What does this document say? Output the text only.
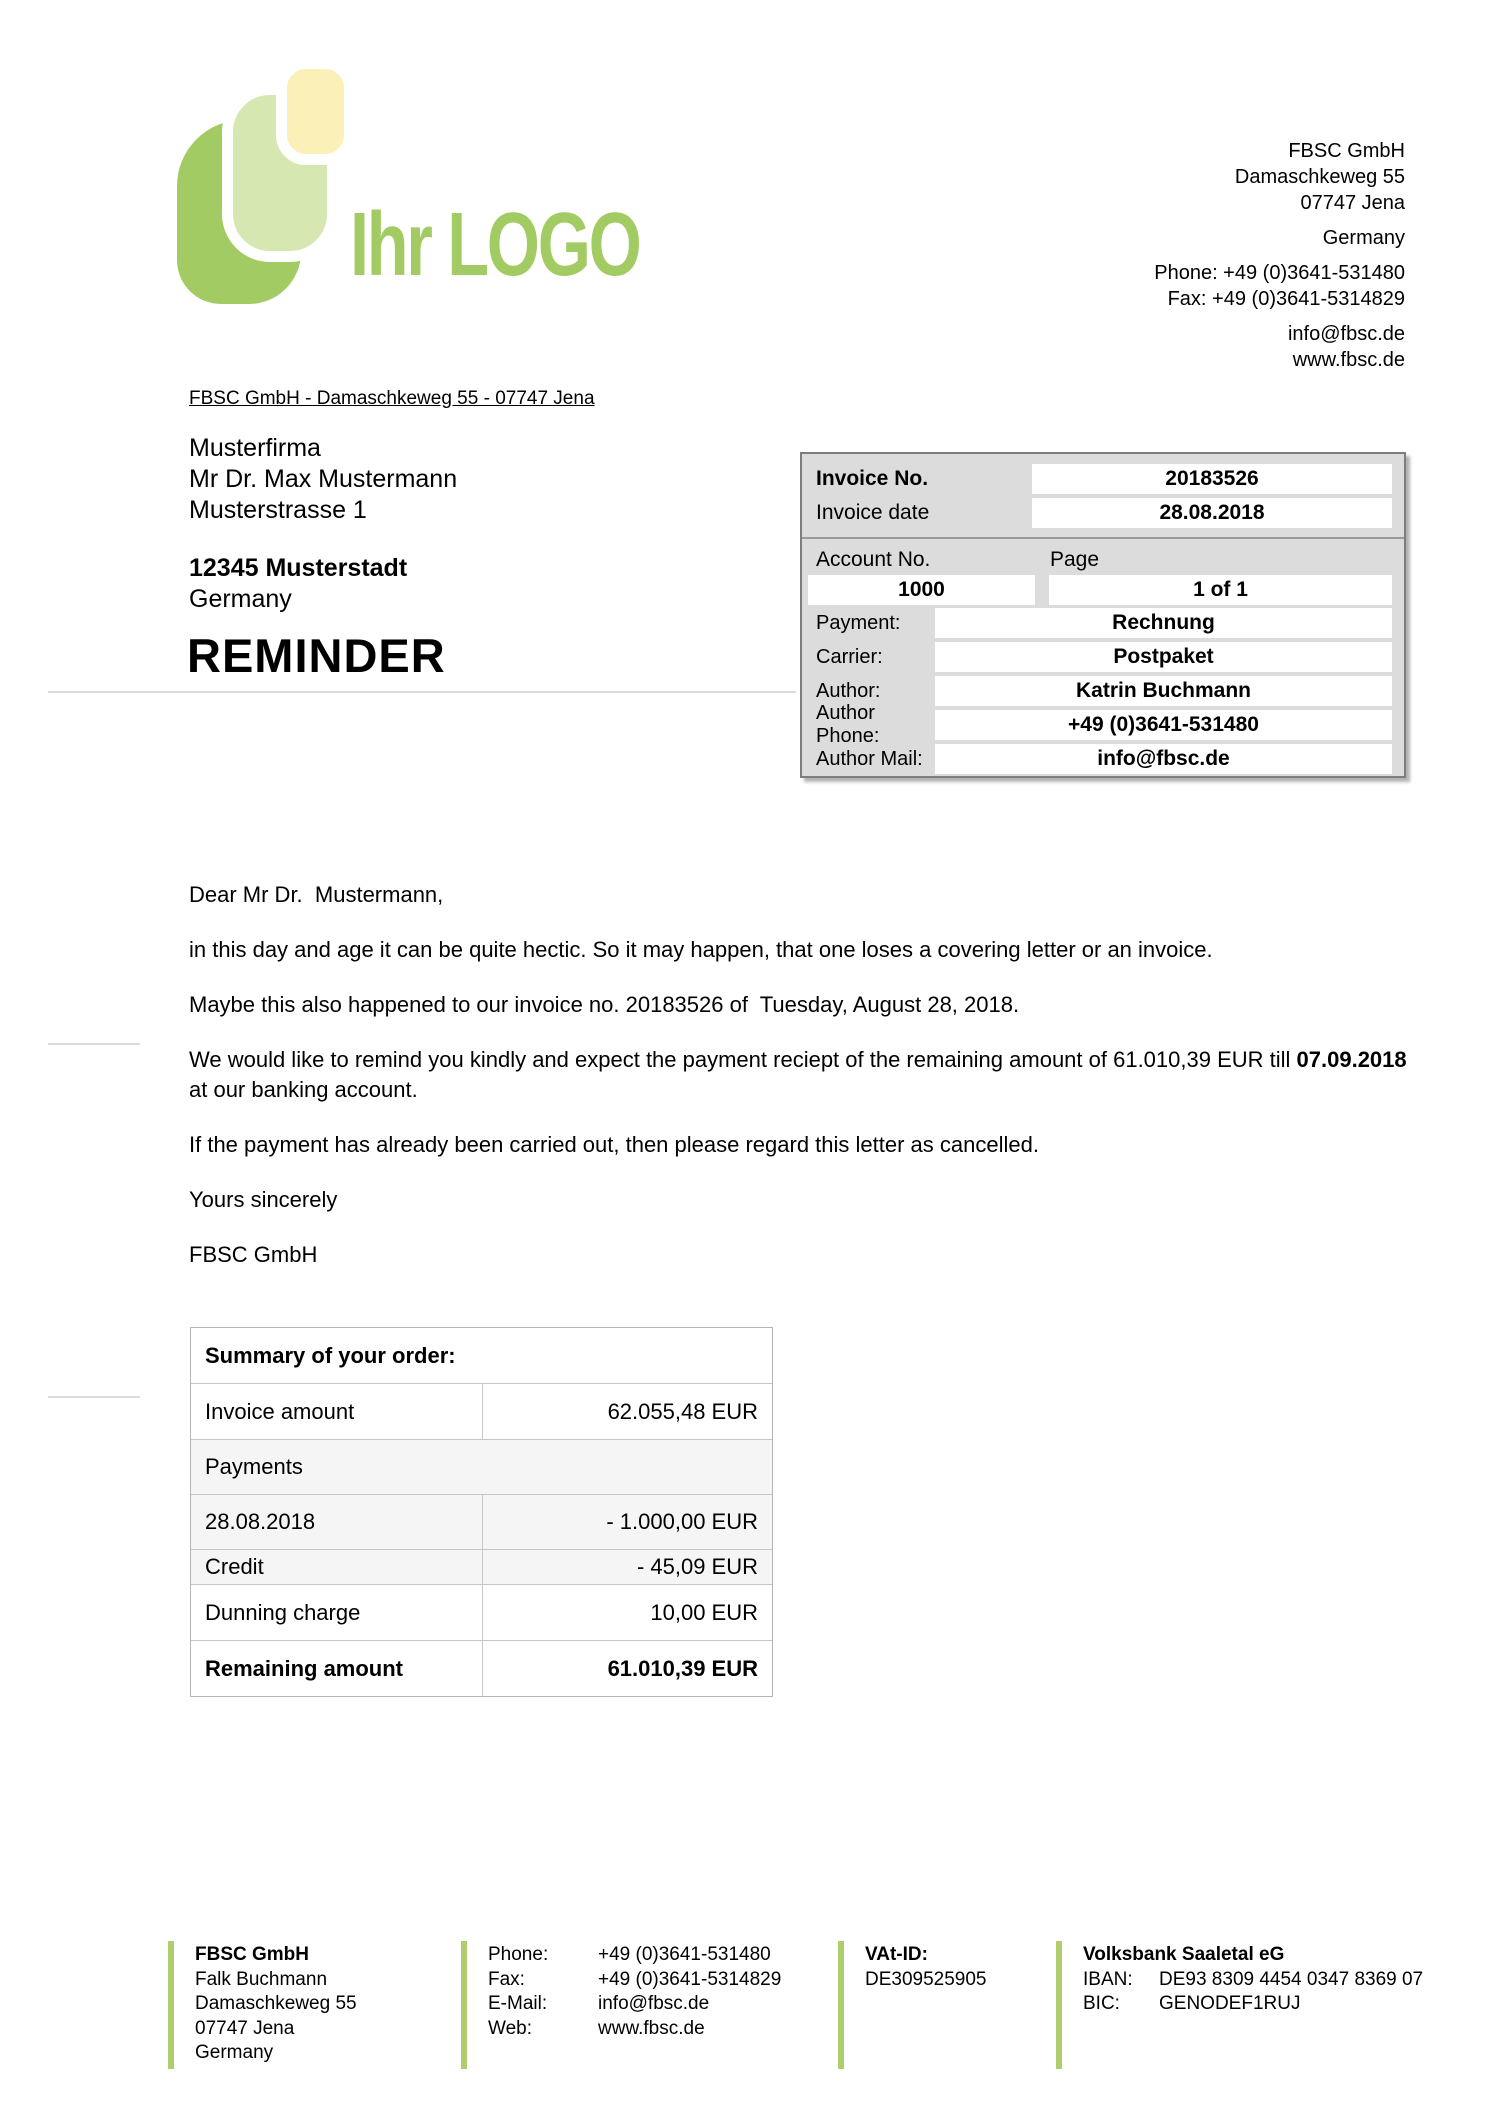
Ihr LOGO
FBSC GmbH
Damaschkeweg 55
07747 Jena
Germany
Phone: +49 (0)3641-531480
Fax: +49 (0)3641-5314829
info@fbsc.de
www.fbsc.de
FBSC GmbH - Damaschkeweg 55 - 07747 Jena
Musterfirma
Mr Dr. Max Mustermann
Musterstrasse 1
12345 Musterstadt
Germany
REMINDER
Invoice No.	20183526
Invoice date	28.08.2018
Account No.	Page
1000	1 of 1
Payment:	Rechnung
Carrier:	Postpaket
Author:	Katrin Buchmann
Author Phone:	+49 (0)3641-531480
Author Mail:	info@fbsc.de

Dear Mr Dr.  Mustermann,

in this day and age it can be quite hectic. So it may happen, that one loses a covering letter or an invoice.

Maybe this also happened to our invoice no. 20183526 of  Tuesday, August 28, 2018.

We would like to remind you kindly and expect the payment reciept of the remaining amount of 61.010,39 EUR till 07.09.2018 at our banking account.

If the payment has already been carried out, then please regard this letter as cancelled.

Yours sincerely

FBSC GmbH

Summary of your order:
Invoice amount	62.055,48 EUR
Payments
28.08.2018	- 1.000,00 EUR
Credit	- 45,09 EUR
Dunning charge	10,00 EUR
Remaining amount	61.010,39 EUR
FBSC GmbH
Falk Buchmann
Damaschkeweg 55
07747 Jena
Germany
Phone:	+49 (0)3641-531480
Fax:	+49 (0)3641-5314829
E-Mail:	info@fbsc.de
Web:	www.fbsc.de
VAt-ID:
DE309525905
Volksbank Saaletal eG
IBAN:	DE93 8309 4454 0347 8369 07
BIC:	GENODEF1RUJ
